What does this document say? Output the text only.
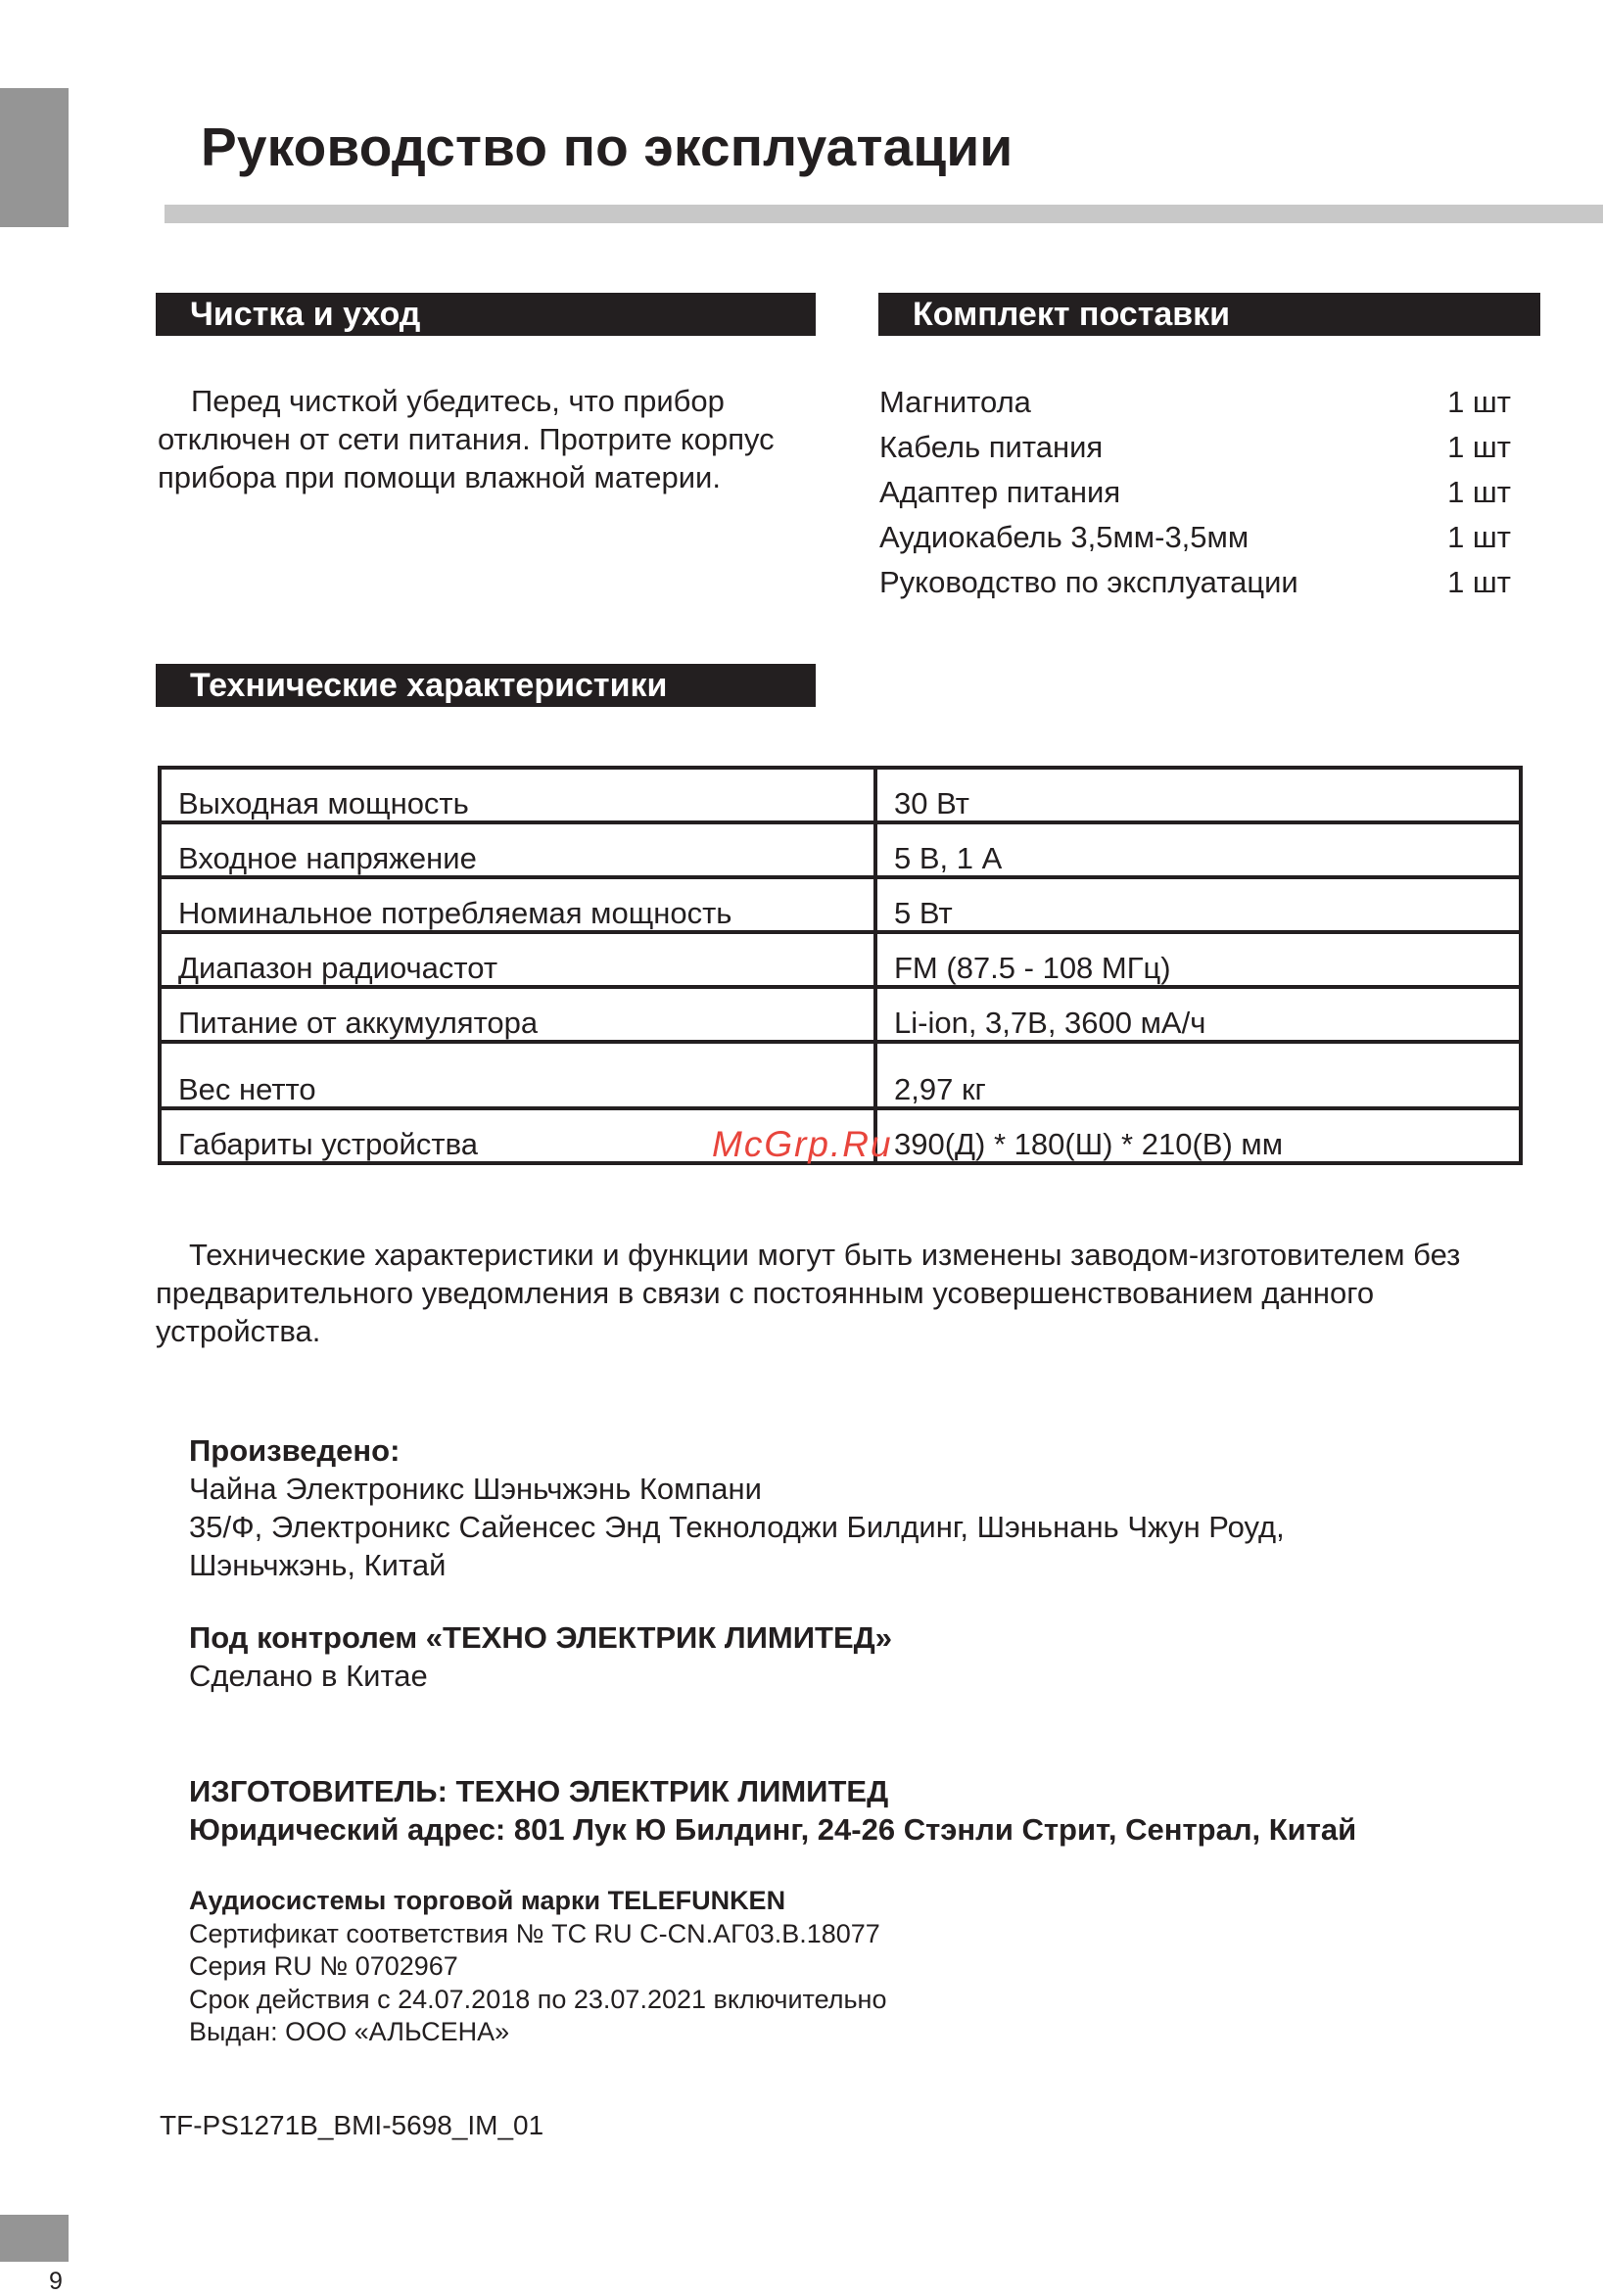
Руководство по эксплуатации
Чистка и уход

Перед чисткой убедитесь, что прибор отключен от сети питания. Протрите корпус прибора при помощи влажной материи.

Комплект поставки
Магнитола	1 шт
Кабель питания	1 шт
Адаптер питания	1 шт
Аудиокабель 3,5мм-3,5мм	1 шт
Руководство по эксплуатации	1 шт
Технические характеристики
Выходная мощность	30 Вт
Входное напряжение	5 В, 1 А
Номинальное потребляемая мощность	5 Вт
Диапазон радиочастот	FM (87.5 - 108 МГц)
Питание от аккумулятора	Li-ion, 3,7В, 3600 мА/ч
Вес нетто	2,97 кг
Габариты устройства	390(Д) * 180(Ш) * 210(В) мм
McGrp.Ru

Технические характеристики и функции могут быть изменены заводом-изготовителем без предварительного уведомления в связи с постоянным усовершенствованием данного устройства.

Произведено:
Чайна Электроникс Шэньчжэнь Компани
35/Ф, Электроникс Сайенсес Энд Текнолоджи Билдинг, Шэньнань Чжун Роуд,
Шэньчжэнь, Китай
Под контролем «ТЕХНО ЭЛЕКТРИК ЛИМИТЕД»
Сделано в Китае
ИЗГОТОВИТЕЛЬ: ТЕХНО ЭЛЕКТРИК ЛИМИТЕД
Юридический адрес: 801 Лук Ю Билдинг, 24-26 Стэнли Стрит, Сентрал, Китай
Аудиосистемы торговой марки TELEFUNKEN
Сертификат соответствия № ТС RU C-CN.АГ03.В.18077
Серия RU № 0702967
Срок действия с 24.07.2018 по 23.07.2021 включительно
Выдан: ООО «АЛЬСЕНА»

TF-PS1271B_BMI-5698_IM_01

9
